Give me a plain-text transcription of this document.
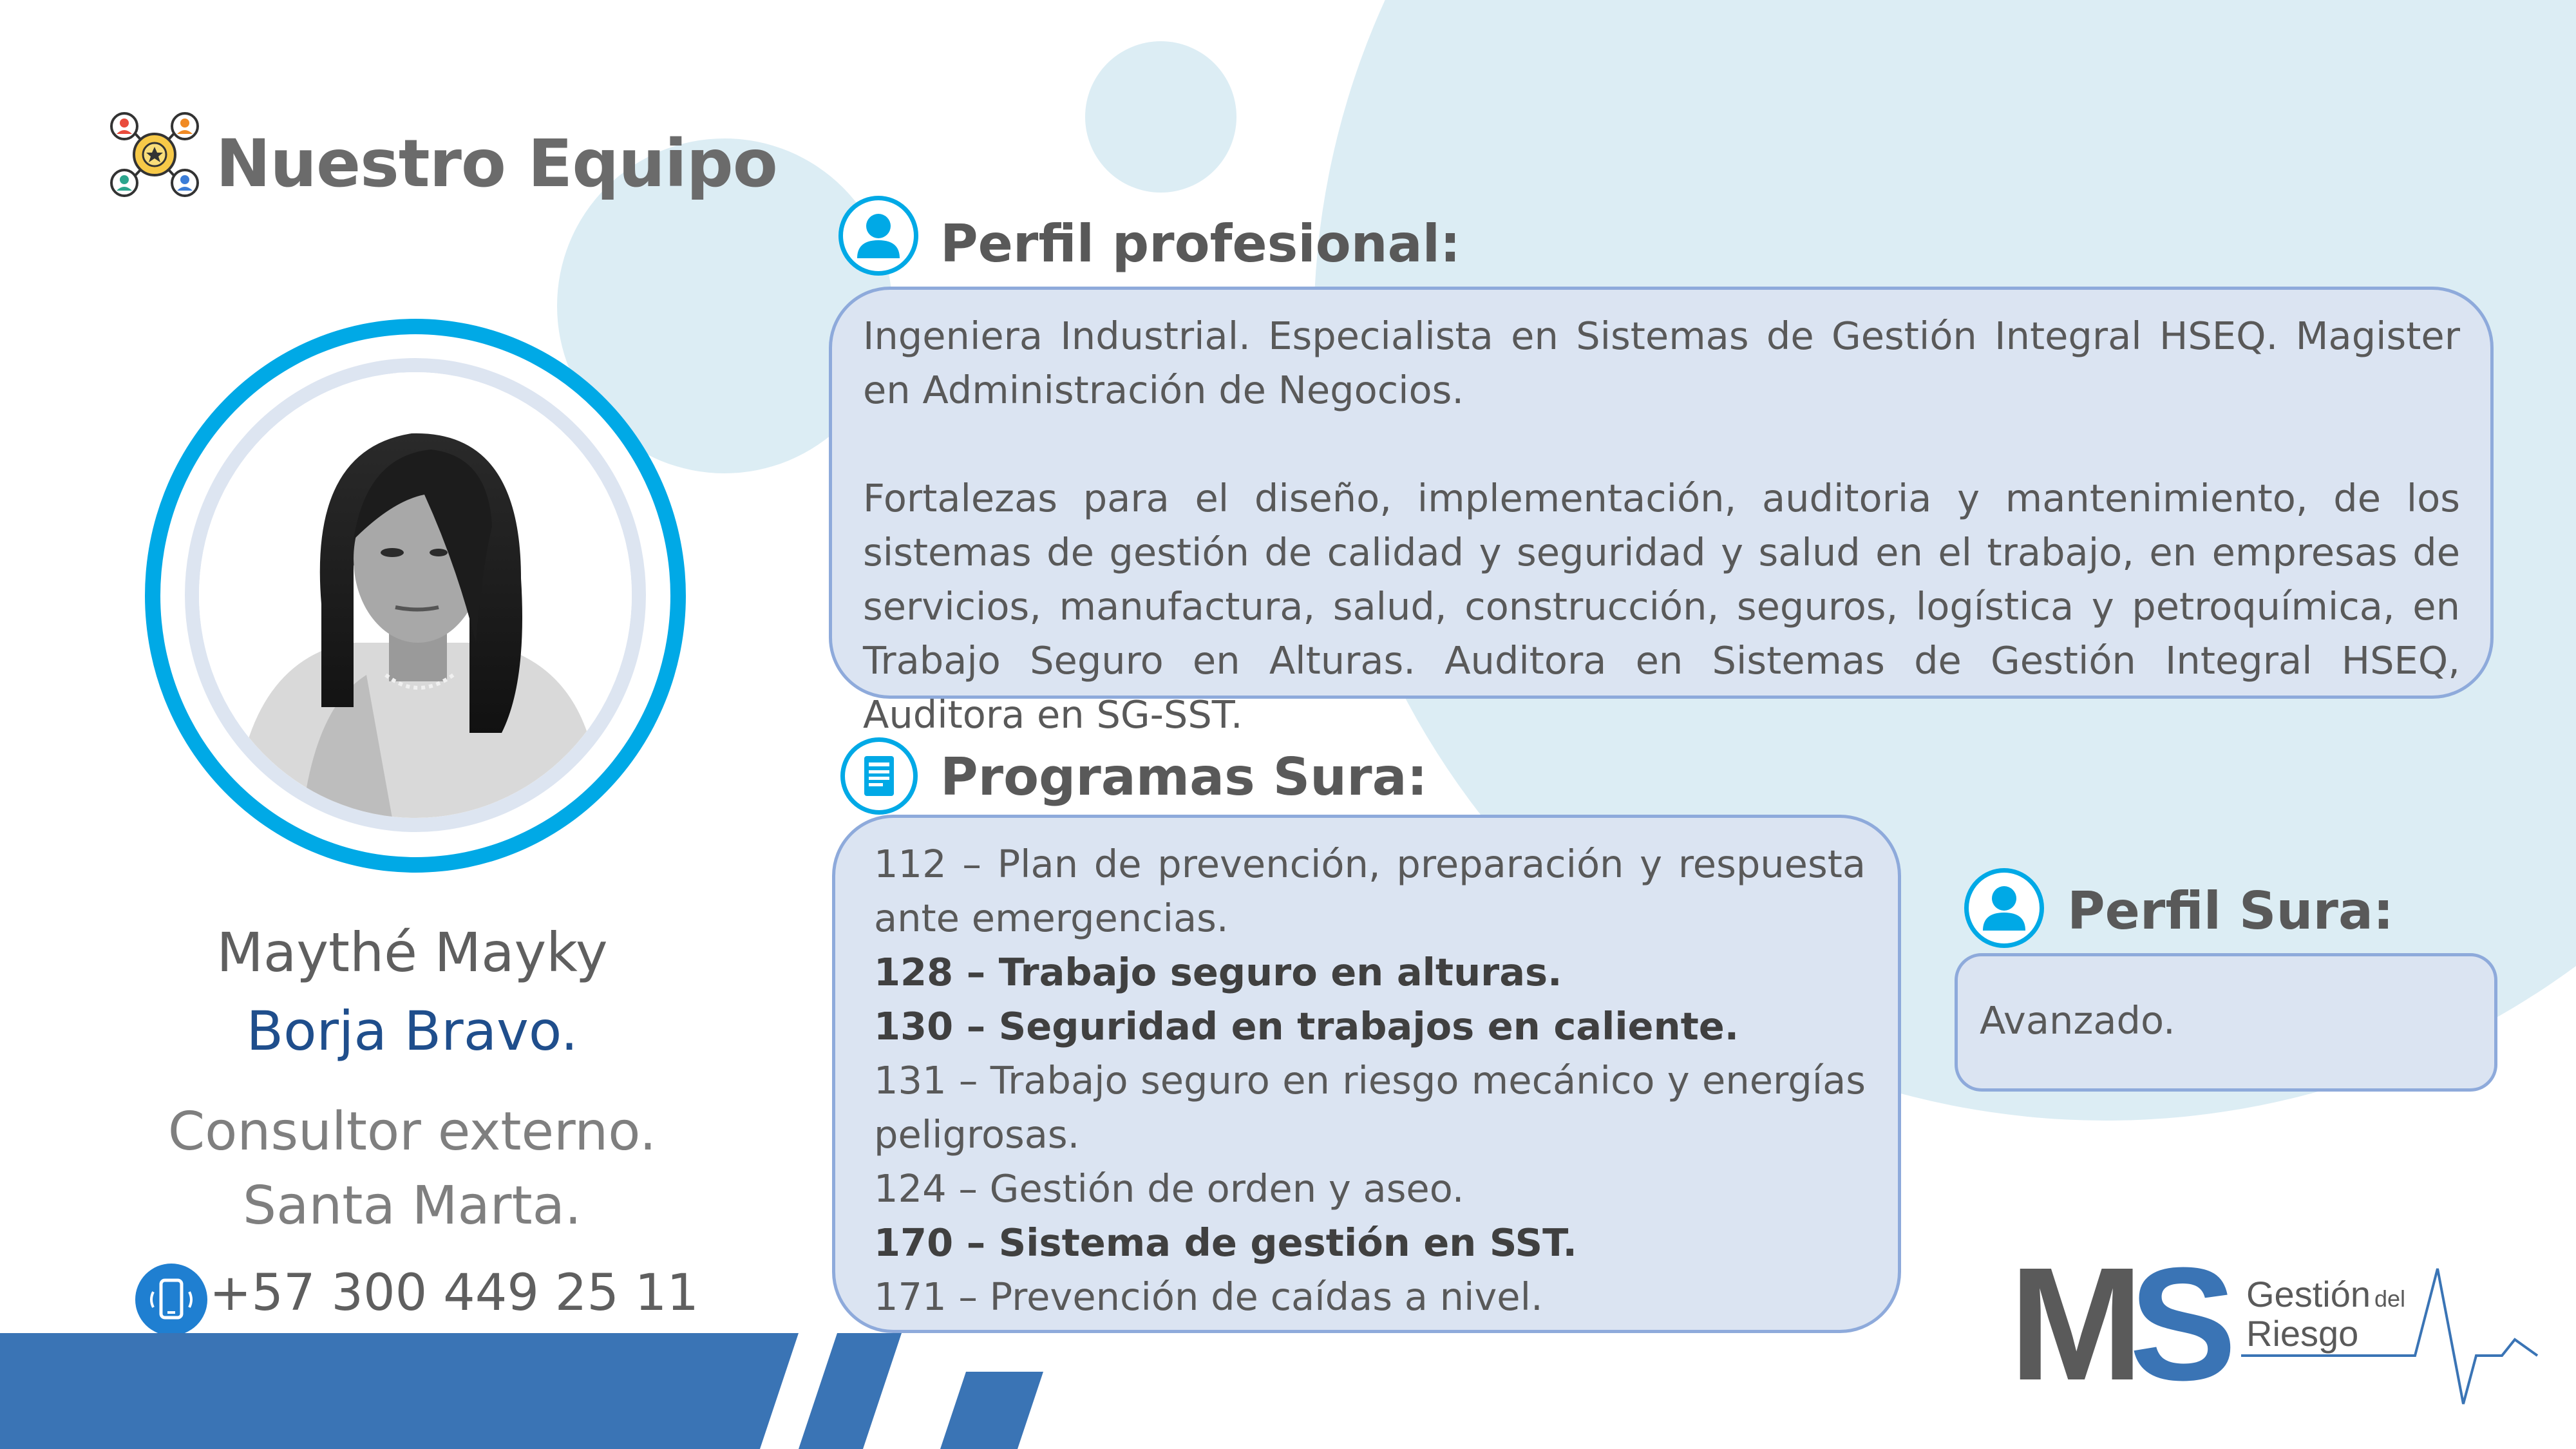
Nuestro Equipo
Maythé Mayky
Borja Bravo.
Consultor externo.
Santa Marta.
+57 300 449 25 11
Perfil profesional:

Ingeniera Industrial. Especialista en Sistemas de Gestión Integral HSEQ. Magister en Administración de Negocios.

Fortalezas para el diseño, implementación, auditoria y mantenimiento, de los sistemas de gestión de calidad y seguridad y salud en el trabajo, en empresas de servicios, manufactura, salud, construcción, seguros, logística y petroquímica, en Trabajo Seguro en Alturas. Auditora en Sistemas de Gestión Integral HSEQ, Auditora en SG-SST.

Programas Sura:

112 – Plan de prevención, preparación y respuesta ante emergencias.

128 – Trabajo seguro en alturas.

130 – Seguridad en trabajos en caliente.

131 – Trabajo seguro en riesgo mecánico y energías peligrosas.

124 – Gestión de orden y aseo.

170 – Sistema de gestión en SST.

171 – Prevención de caídas a nivel.

Perfil Sura:
Avanzado.
MS Gestión del
Riesgo
